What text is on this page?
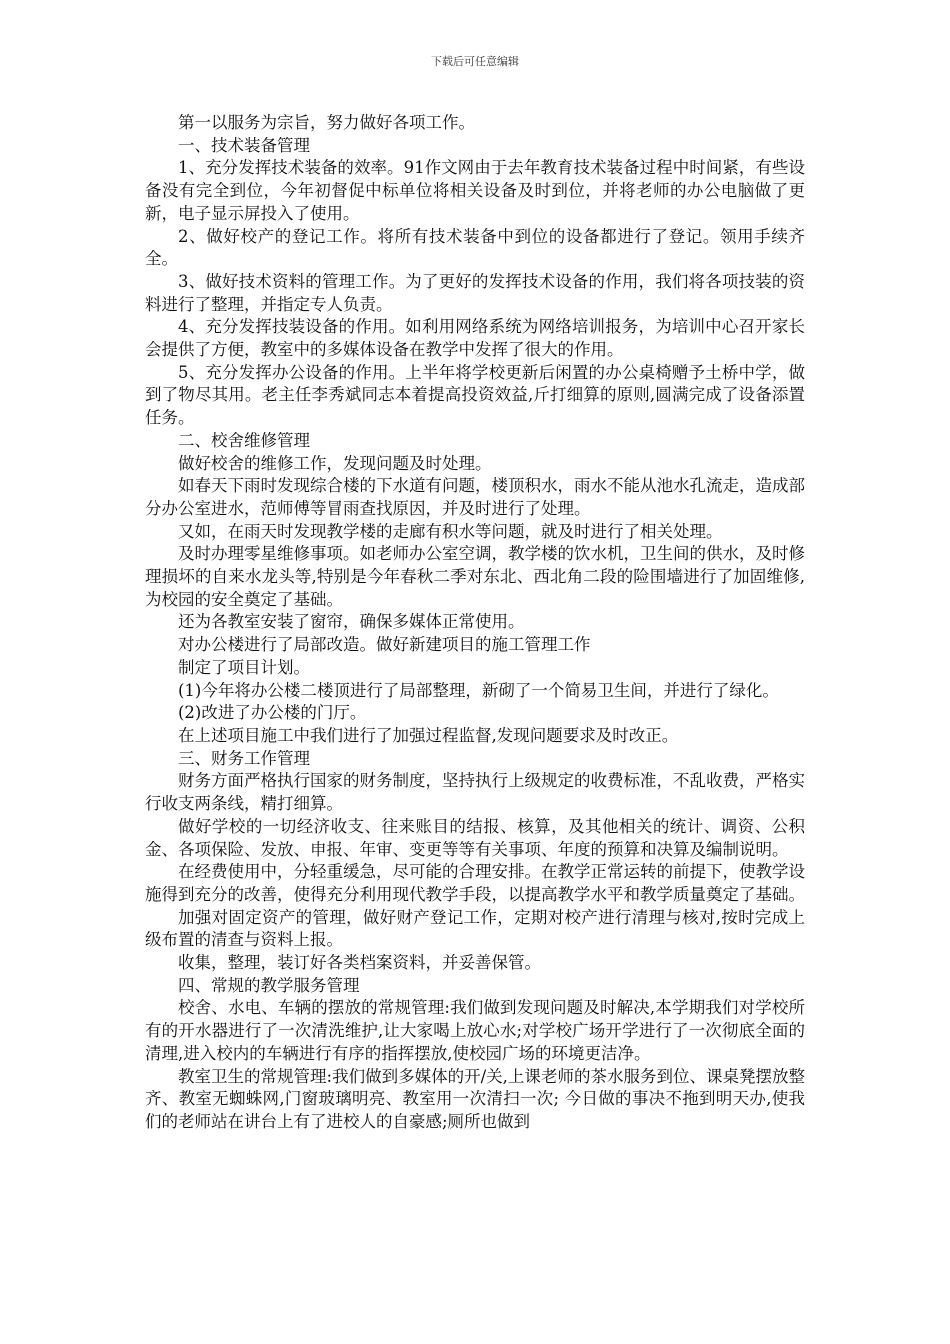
下载后可任意编辑

第一以服务为宗旨，努力做好各项工作。

一、技术装备管理

1、充分发挥技术装备的效率。91作文网由于去年教育技术装备过程中时间紧，有些设备没有完全到位，今年初督促中标单位将相关设备及时到位，并将老师的办公电脑做了更新，电子显示屏投入了使用。

2、做好校产的登记工作。将所有技术装备中到位的设备都进行了登记。领用手续齐全。

3、做好技术资料的管理工作。为了更好的发挥技术设备的作用，我们将各项技装的资料进行了整理，并指定专人负责。

4、充分发挥技装设备的作用。如利用网络系统为网络培训报务，为培训中心召开家长会提供了方便，教室中的多媒体设备在教学中发挥了很大的作用。

5、充分发挥办公设备的作用。上半年将学校更新后闲置的办公桌椅赠予土桥中学，做到了物尽其用。老主任李秀斌同志本着提高投资效益,斤打细算的原则,圆满完成了设备添置任务。

二、校舍维修管理

做好校舍的维修工作，发现问题及时处理。

如春天下雨时发现综合楼的下水道有问题，楼顶积水，雨水不能从池水孔流走，造成部分办公室进水，范师傅等冒雨查找原因，并及时进行了处理。

又如，在雨天时发现教学楼的走廊有积水等问题，就及时进行了相关处理。

及时办理零星维修事项。如老师办公室空调，教学楼的饮水机，卫生间的供水，及时修理损坏的自来水龙头等,特别是今年春秋二季对东北、西北角二段的险围墙进行了加固维修,为校园的安全奠定了基础。

还为各教室安装了窗帘，确保多媒体正常使用。

对办公楼进行了局部改造。做好新建项目的施工管理工作

制定了项目计划。

(1)今年将办公楼二楼顶进行了局部整理，新砌了一个简易卫生间，并进行了绿化。

(2)改进了办公楼的门厅。

在上述项目施工中我们进行了加强过程监督,发现问题要求及时改正。

三、财务工作管理

财务方面严格执行国家的财务制度，坚持执行上级规定的收费标准，不乱收费，严格实行收支两条线，精打细算。

做好学校的一切经济收支、往来账目的结报、核算，及其他相关的统计、调资、公积金、各项保险、发放、申报、年审、变更等等有关事项、年度的预算和决算及编制说明。

在经费使用中，分轻重缓急，尽可能的合理安排。在教学正常运转的前提下，使教学设施得到充分的改善，使得充分利用现代教学手段，以提高教学水平和教学质量奠定了基础。

加强对固定资产的管理，做好财产登记工作，定期对校产进行清理与核对,按时完成上级布置的清查与资料上报。

收集，整理，装订好各类档案资料，并妥善保管。

四、常规的教学服务管理

校舍、水电、车辆的摆放的常规管理:我们做到发现问题及时解决,本学期我们对学校所有的开水器进行了一次清洗维护,让大家喝上放心水;对学校广场开学进行了一次彻底全面的清理,进入校内的车辆进行有序的指挥摆放,使校园广场的环境更洁净。

教室卫生的常规管理:我们做到多媒体的开/关,上课老师的茶水服务到位、课桌凳摆放整齐、教室无蜘蛛网,门窗玻璃明亮、教室用一次清扫一次; 今日做的事决不拖到明天办,使我们的老师站在讲台上有了进校人的自豪感;厕所也做到
